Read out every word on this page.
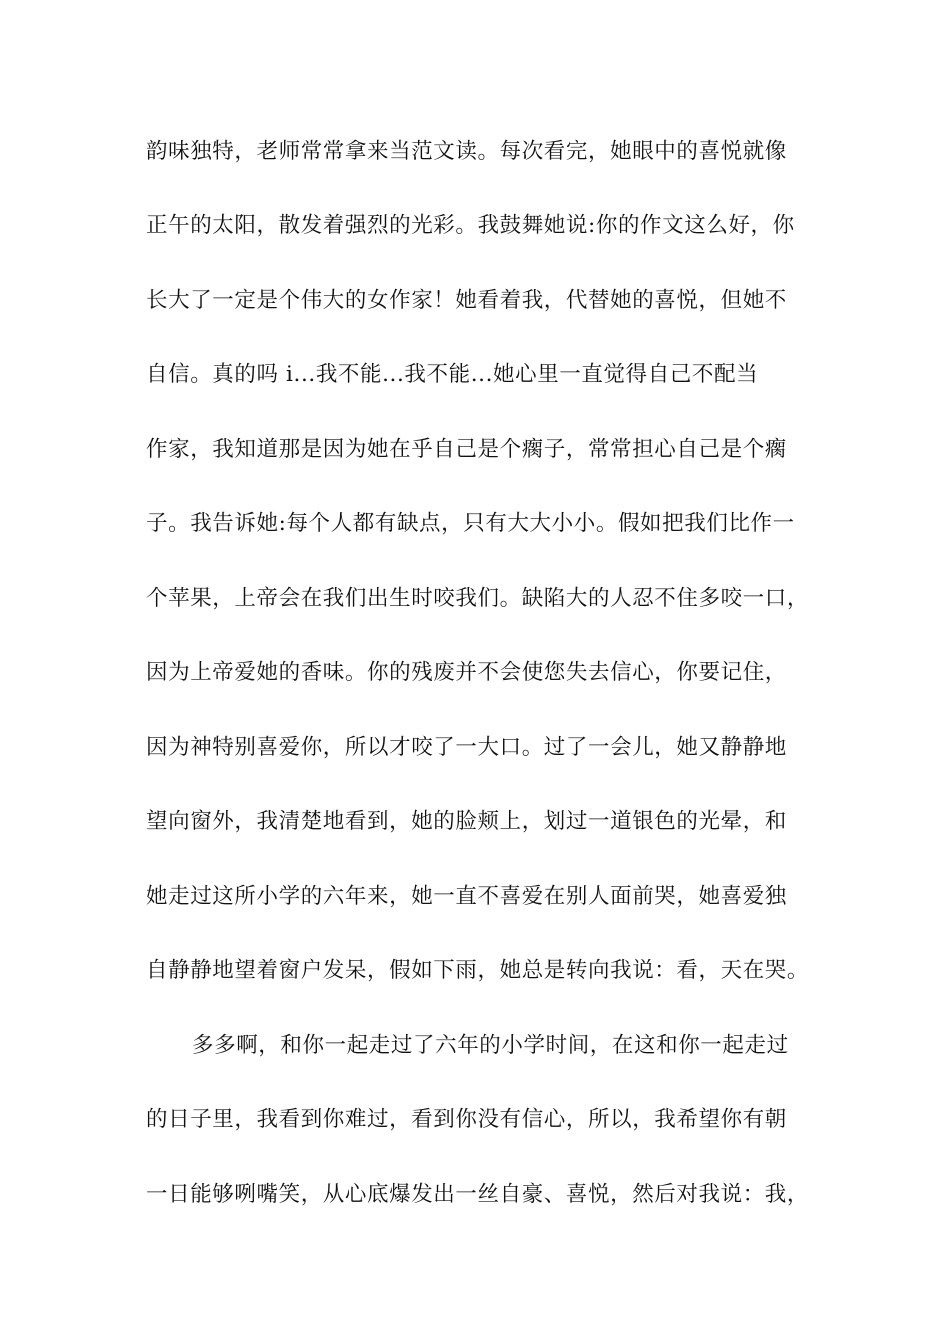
韵味独特，老师常常拿来当范文读。每次看完，她眼中的喜悦就像
正午的太阳，散发着强烈的光彩。我鼓舞她说:你的作文这么好，你
长大了一定是个伟大的女作家！她看着我，代替她的喜悦，但她不
自信。真的吗 i...我不能...我不能...她心里一直觉得自己不配当
作家，我知道那是因为她在乎自己是个瘸子，常常担心自己是个瘸
子。我告诉她:每个人都有缺点，只有大大小小。假如把我们比作一
个苹果，上帝会在我们出生时咬我们。缺陷大的人忍不住多咬一口，
因为上帝爱她的香味。你的残废并不会使您失去信心，你要记住，
因为神特别喜爱你，所以才咬了一大口。过了一会儿，她又静静地
望向窗外，我清楚地看到，她的脸颊上，划过一道银色的光晕，和
她走过这所小学的六年来，她一直不喜爱在别人面前哭，她喜爱独
自静静地望着窗户发呆，假如下雨，她总是转向我说：看，天在哭。
多多啊，和你一起走过了六年的小学时间，在这和你一起走过
的日子里，我看到你难过，看到你没有信心，所以，我希望你有朝
一日能够咧嘴笑，从心底爆发出一丝自豪、喜悦，然后对我说：我，
